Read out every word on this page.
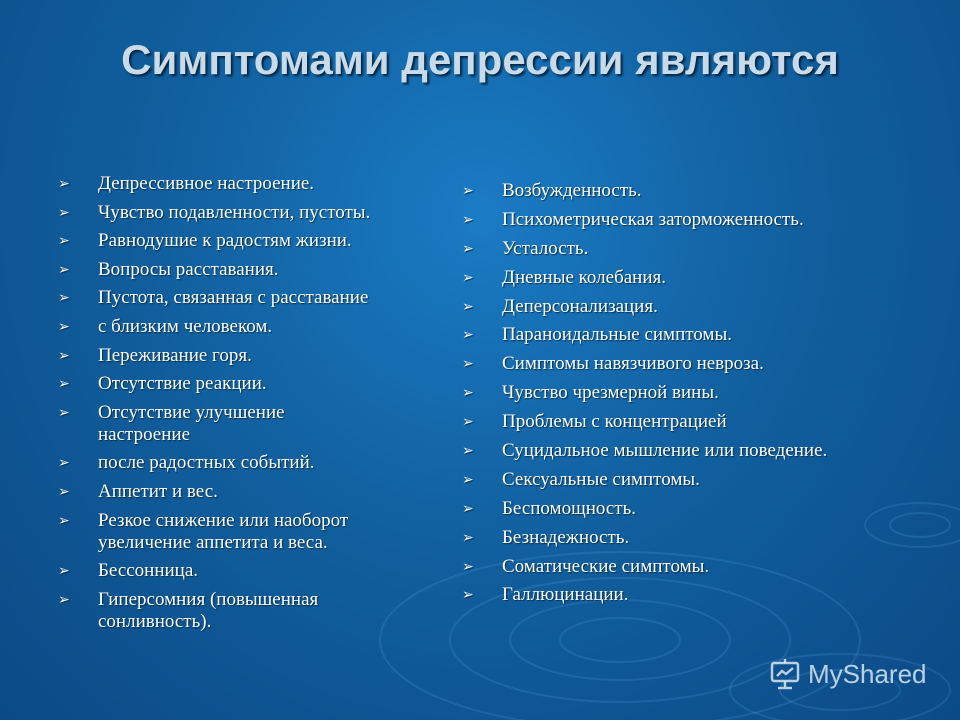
Симптомами депрессии являются
➢ Депрессивное настроение.
➢ Чувство подавленности, пустоты.
➢ Равнодушие к радостям жизни.
➢ Вопросы расставания.
➢ Пустота, связанная с расставание
➢ с близким человеком.
➢ Переживание горя.
➢ Отсутствие реакции.
➢ Отсутствие улучшение
настроение
➢ после радостных событий.
➢ Аппетит и вес.
➢ Резкое снижение или наоборот
увеличение аппетита и веса.
➢ Бессонница.
➢ Гиперсомния (повышенная
сонливность).
➢ Возбужденность.
➢ Психометрическая заторможенность.
➢ Усталость.
➢ Дневные колебания.
➢ Деперсонализация.
➢ Параноидальные симптомы.
➢ Симптомы навязчивого невроза.
➢ Чувство чрезмерной вины.
➢ Проблемы с концентрацией
➢ Суцидальное мышление или поведение.
➢ Сексуальные симптомы.
➢ Беспомощность.
➢ Безнадежность.
➢ Соматические симптомы.
➢ Галлюцинации.
MyShared
